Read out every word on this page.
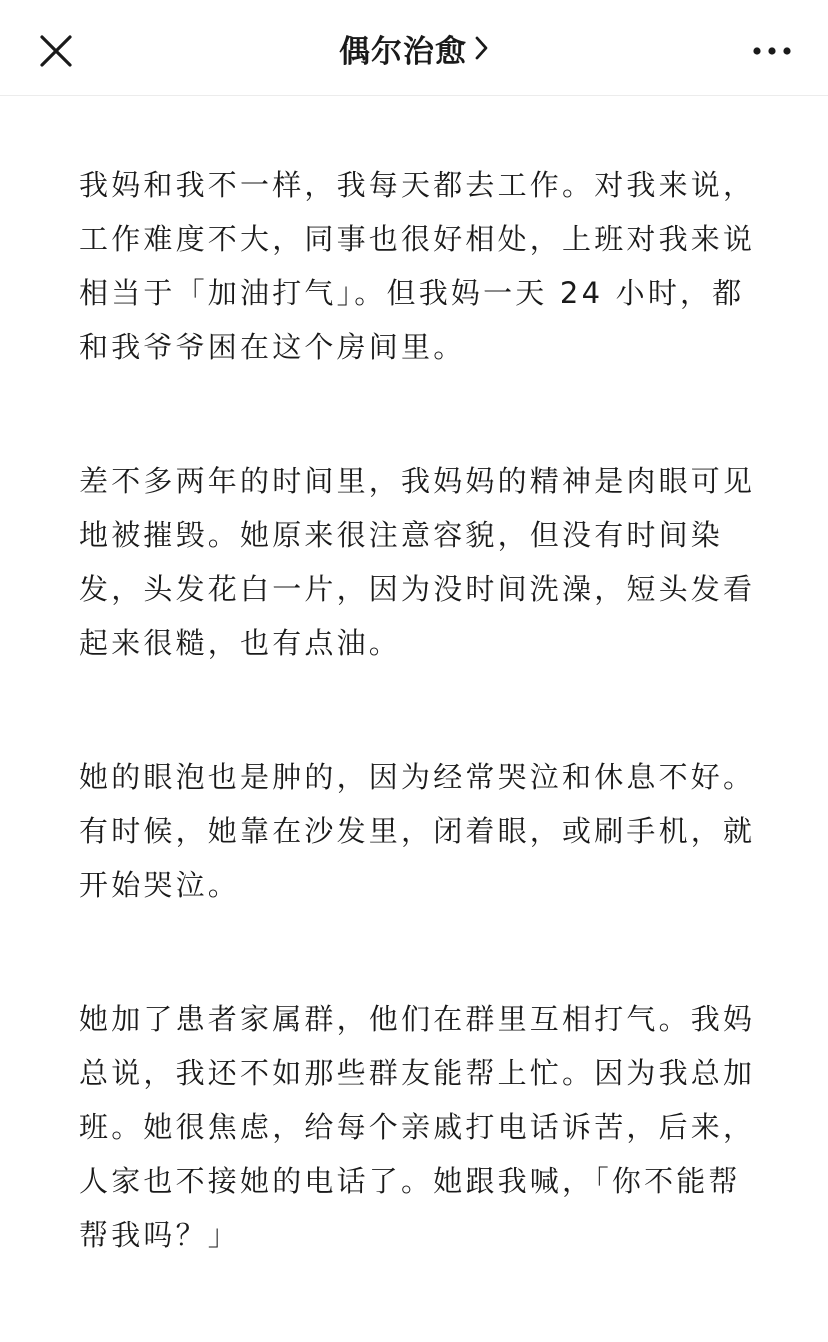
偶尔治愈

我妈和我不一样，我每天都去工作。对我来说，工作难度不大，同事也很好相处，上班对我来说相当于「加油打气」。但我妈一天 24 小时，都和我爷爷困在这个房间里。

差不多两年的时间里，我妈妈的精神是肉眼可见地被摧毁。她原来很注意容貌，但没有时间染发，头发花白一片，因为没时间洗澡，短头发看起来很糙，也有点油。

她的眼泡也是肿的，因为经常哭泣和休息不好。有时候，她靠在沙发里，闭着眼，或刷手机，就开始哭泣。

她加了患者家属群，他们在群里互相打气。我妈总说，我还不如那些群友能帮上忙。因为我总加班。她很焦虑，给每个亲戚打电话诉苦，后来，人家也不接她的电话了。她跟我喊，「你不能帮帮我吗？」
